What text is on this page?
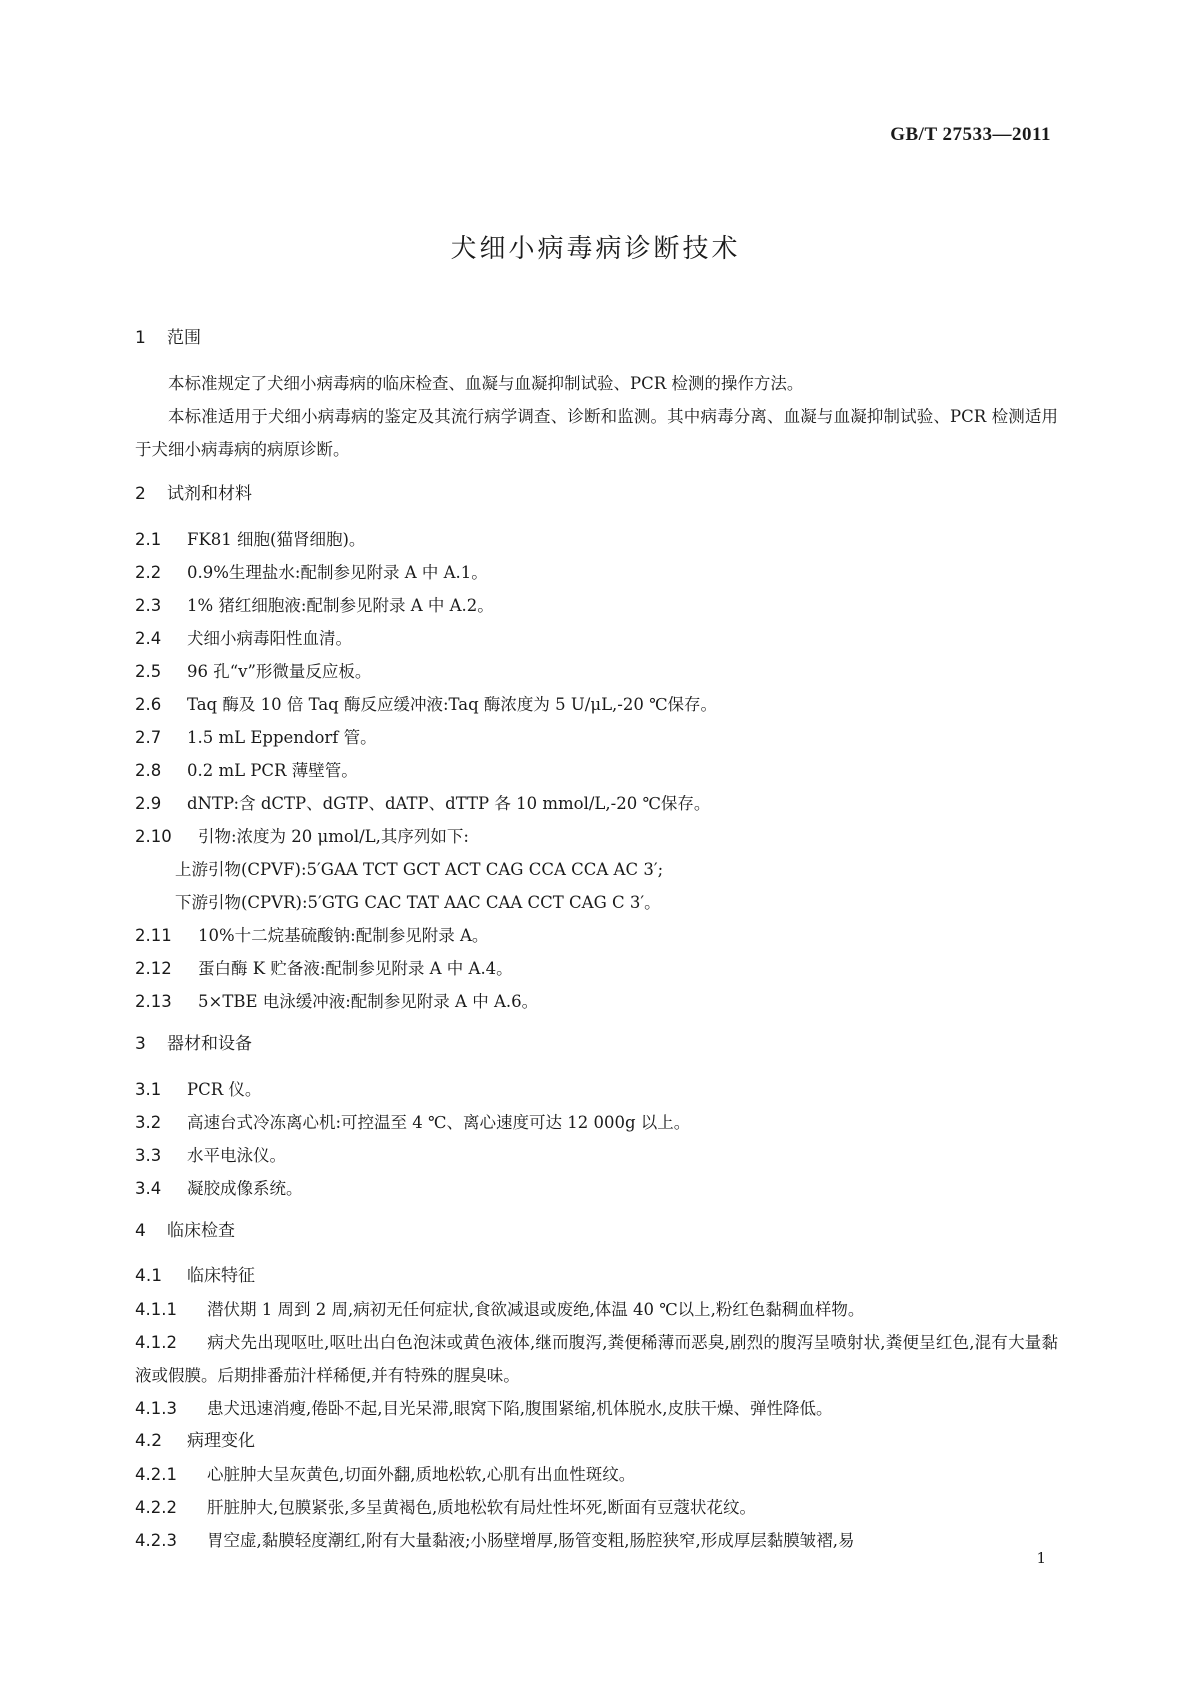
GB/T 27533—2011
犬细小病毒病诊断技术
1 范围
本标准规定了犬细小病毒病的临床检查、血凝与血凝抑制试验、PCR 检测的操作方法。
本标准适用于犬细小病毒病的鉴定及其流行病学调查、诊断和监测。其中病毒分离、血凝与血凝抑制试验、PCR 检测适用于犬细小病毒病的病原诊断。
2 试剂和材料
2.1 FK81 细胞(猫肾细胞)。
2.2 0.9%生理盐水:配制参见附录 A 中 A.1。
2.3 1% 猪红细胞液:配制参见附录 A 中 A.2。
2.4 犬细小病毒阳性血清。
2.5 96 孔“v”形微量反应板。
2.6 Taq 酶及 10 倍 Taq 酶反应缓冲液:Taq 酶浓度为 5 U/μL,-20 ℃保存。
2.7 1.5 mL Eppendorf 管。
2.8 0.2 mL PCR 薄壁管。
2.9 dNTP:含 dCTP、dGTP、dATP、dTTP 各 10 mmol/L,-20 ℃保存。
2.10 引物:浓度为 20 μmol/L,其序列如下:
上游引物(CPVF):5′GAA TCT GCT ACT CAG CCA CCA AC 3′;
下游引物(CPVR):5′GTG CAC TAT AAC CAA CCT CAG C 3′。
2.11 10%十二烷基硫酸钠:配制参见附录 A。
2.12 蛋白酶 K 贮备液:配制参见附录 A 中 A.4。
2.13 5×TBE 电泳缓冲液:配制参见附录 A 中 A.6。
3 器材和设备
3.1 PCR 仪。
3.2 高速台式冷冻离心机:可控温至 4 ℃、离心速度可达 12 000g 以上。
3.3 水平电泳仪。
3.4 凝胶成像系统。
4 临床检查
4.1 临床特征
4.1.1 潜伏期 1 周到 2 周,病初无任何症状,食欲减退或废绝,体温 40 ℃以上,粉红色黏稠血样物。
4.1.2 病犬先出现呕吐,呕吐出白色泡沫或黄色液体,继而腹泻,粪便稀薄而恶臭,剧烈的腹泻呈喷射状,粪便呈红色,混有大量黏液或假膜。后期排番茄汁样稀便,并有特殊的腥臭味。
4.1.3 患犬迅速消瘦,倦卧不起,目光呆滞,眼窝下陷,腹围紧缩,机体脱水,皮肤干燥、弹性降低。
4.2 病理变化
4.2.1 心脏肿大呈灰黄色,切面外翻,质地松软,心肌有出血性斑纹。
4.2.2 肝脏肿大,包膜紧张,多呈黄褐色,质地松软有局灶性坏死,断面有豆蔻状花纹。
4.2.3 胃空虚,黏膜轻度潮红,附有大量黏液;小肠壁增厚,肠管变粗,肠腔狭窄,形成厚层黏膜皱褶,易
1
